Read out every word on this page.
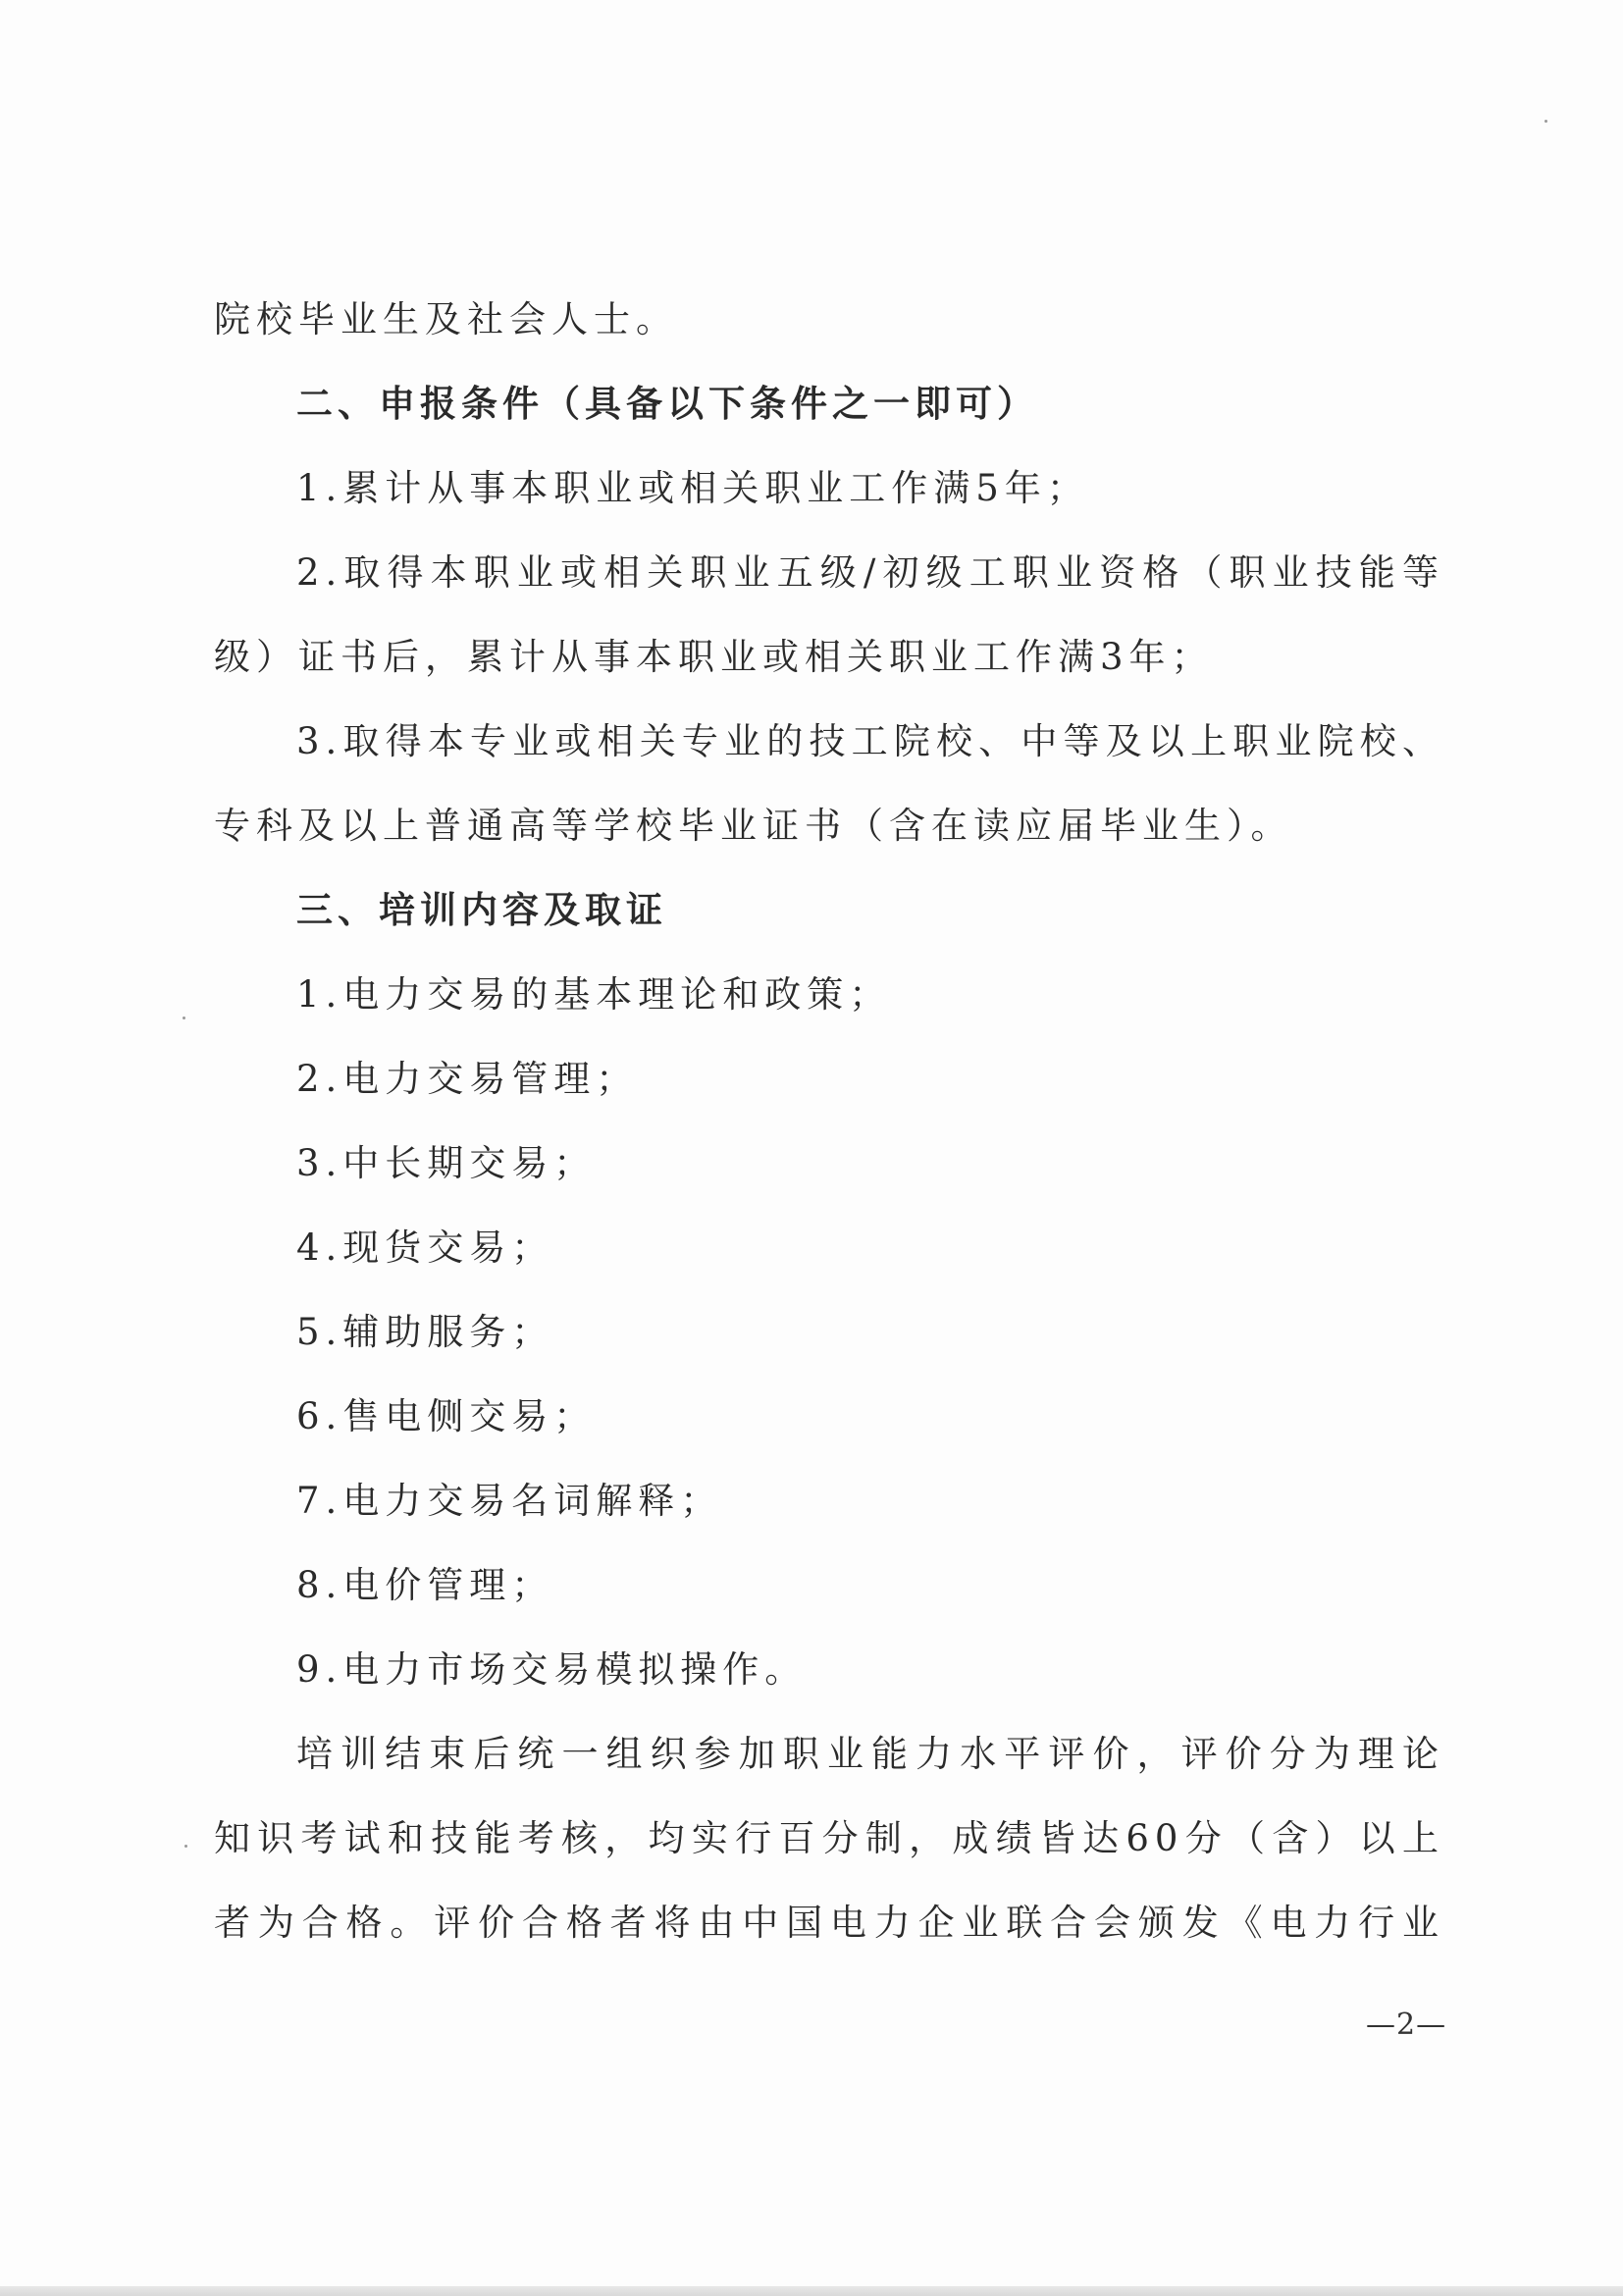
院校毕业生及社会人士。
二、申报条件（具备以下条件之一即可）
1.累计从事本职业或相关职业工作满5年；
2.取得本职业或相关职业五级/初级工职业资格（职业技能等
级）证书后，累计从事本职业或相关职业工作满3年；
3.取得本专业或相关专业的技工院校、中等及以上职业院校、
专科及以上普通高等学校毕业证书（含在读应届毕业生）。
三、培训内容及取证
1.电力交易的基本理论和政策；
2.电力交易管理；
3.中长期交易；
4.现货交易；
5.辅助服务；
6.售电侧交易；
7.电力交易名词解释；
8.电价管理；
9.电力市场交易模拟操作。
培训结束后统一组织参加职业能力水平评价，评价分为理论
知识考试和技能考核，均实行百分制，成绩皆达60分（含）以上
者为合格。评价合格者将由中国电力企业联合会颁发《电力行业
—2—
